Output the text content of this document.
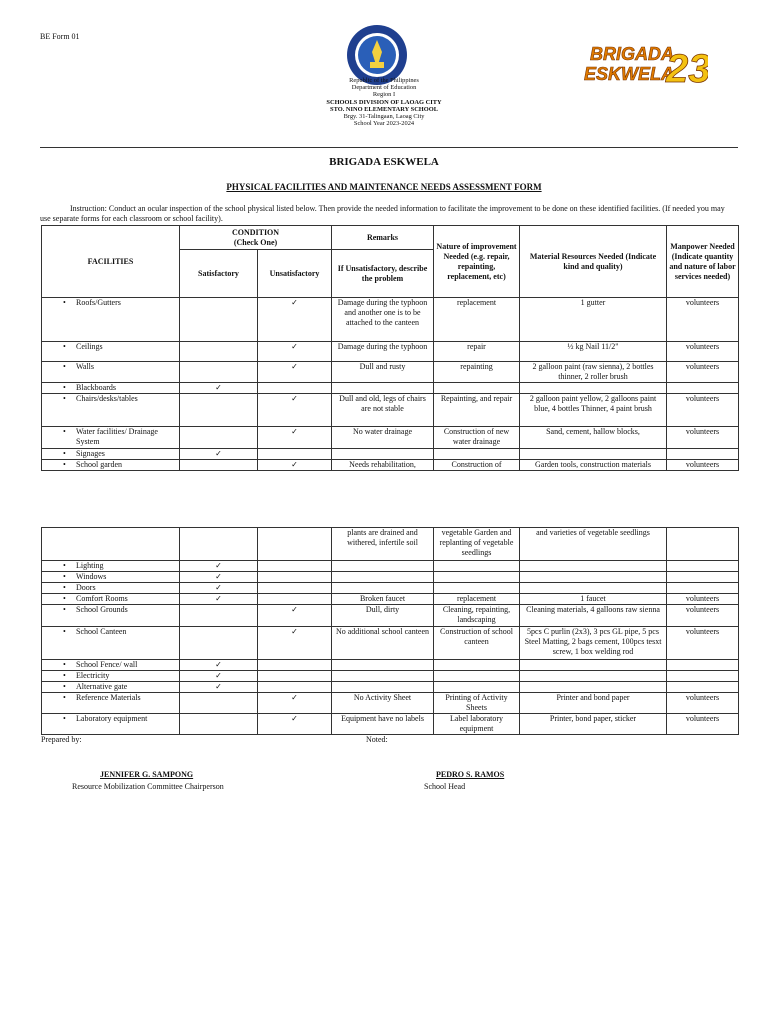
BE Form 01
BRIGADA
ESKWELA
23
Republic of the Philippines
Department of Education
Region I
SCHOOLS DIVISION OF LAOAG CITY
STO. NINO ELEMENTARY SCHOOL
Brgy. 31-Talingaan, Laoag City
School Year 2023-2024
BRIGADA ESKWELA
PHYSICAL FACILITIES AND MAINTENANCE NEEDS ASSESSMENT FORM
Instruction: Conduct an ocular inspection of the school physical listed below. Then provide the needed information to facilitate the improvement to be done on these identified facilities. (If needed you may use separate forms for each classroom or school facility).
FACILITIES	CONDITION
(Check One)		Remarks	Nature of improvement Needed (e.g. repair, repainting, replacement, etc)	Material Resources Needed (Indicate kind and quality)	Manpower Needed (Indicate quantity and nature of labor services needed)
	Satisfactory	Unsatisfactory	If Unsatisfactory, describe the problem			

• Roofs/Gutters		✓	Damage during the typhoon and another one is to be attached to the canteen	replacement	1 gutter	volunteers

• Ceilings		✓	Damage during the typhoon	repair	½ kg Nail 11/2"	volunteers

• Walls		✓	Dull and rusty	repainting	2 galloon paint (raw sienna), 2 bottles thinner, 2 roller brush	volunteers

• Blackboards	✓					

• Chairs/desks/tables		✓	Dull and old, legs of chairs are not stable	Repainting, and repair	2 galloon paint yellow, 2 galloons paint blue, 4 bottles Thinner, 4 paint brush	volunteers

• Water facilities/ Drainage System		✓	No water drainage	Construction of new water drainage	Sand, cement, hallow blocks,	volunteers

• Signages	✓					

• School garden		✓	Needs rehabilitation,	Construction of	Garden tools, construction materials	volunteers
			plants are drained and withered, infertile soil	vegetable Garden and replanting of vegetable seedlings	and varieties of vegetable seedlings	

• Lighting	✓					

• Windows	✓					

• Doors	✓					

• Comfort Rooms	✓		Broken faucet	replacement	1 faucet	volunteers

• School Grounds		✓	Dull, dirty	Cleaning, repainting, landscaping	Cleaning materials, 4 galloons raw sienna	volunteers

• School Canteen		✓	No additional school canteen	Construction of school canteen	5pcs C purlin (2x3), 3 pcs GL pipe, 5 pcs Steel Matting, 2 bags cement, 100pcs tesxt screw, 1 box welding rod	volunteers

• School Fence/ wall	✓					

• Electricity	✓					

• Alternative gate	✓					

• Reference Materials		✓	No Activity Sheet	Printing of Activity Sheets	Printer and bond paper	volunteers

• Laboratory equipment		✓	Equipment have no labels	Label laboratory equipment	Printer, bond paper, sticker	volunteers
Prepared by:	Noted:
JENNIFER G. SAMPONG
Resource Mobilization Committee Chairperson
PEDRO S. RAMOS
School Head
